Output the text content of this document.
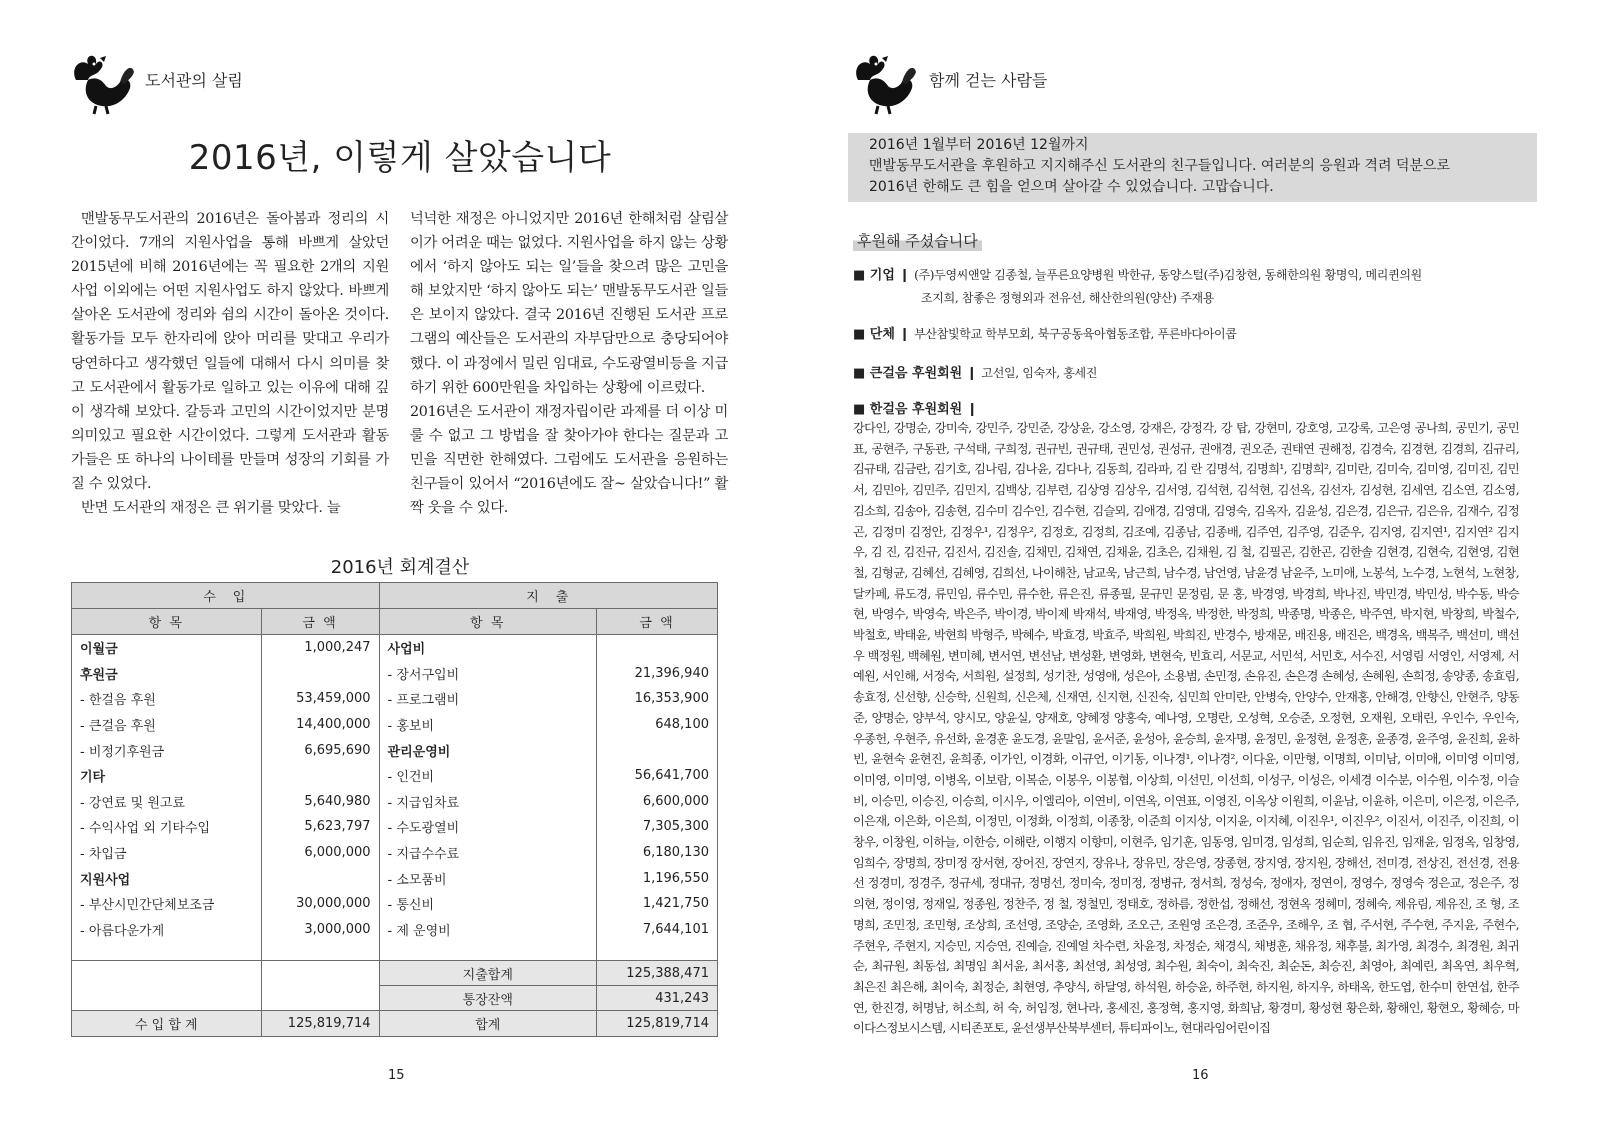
도서관의 살림
2016년, 이렇게 살았습니다

맨발동무도서관의 2016년은 돌아봄과 정리의 시간이었다. 7개의 지원사업을 통해 바쁘게 살았던 2015년에 비해 2016년에는 꼭 필요한 2개의 지원사업 이외에는 어떤 지원사업도 하지 않았다. 바쁘게 살아온 도서관에 정리와 쉼의 시간이 돌아온 것이다. 활동가들 모두 한자리에 앉아 머리를 맞대고 우리가 당연하다고 생각했던 일들에 대해서 다시 의미를 찾고 도서관에서 활동가로 일하고 있는 이유에 대해 깊이 생각해 보았다. 갈등과 고민의 시간이었지만 분명 의미있고 필요한 시간이었다. 그렇게 도서관과 활동가들은 또 하나의 나이테를 만들며 성장의 기회를 가질 수 있었다.

반면 도서관의 재정은 큰 위기를 맞았다. 늘

넉넉한 재정은 아니었지만 2016년 한해처럼 살림살이가 어려운 때는 없었다. 지원사업을 하지 않는 상황에서 ‘하지 않아도 되는 일’들을 찾으려 많은 고민을 해 보았지만 ‘하지 않아도 되는’ 맨발동무도서관 일들은 보이지 않았다. 결국 2016년 진행된 도서관 프로그램의 예산들은 도서관의 자부담만으로 충당되어야 했다. 이 과정에서 밀린 임대료, 수도광열비등을 지급하기 위한 600만원을 차입하는 상황에 이르렀다.

2016년은 도서관이 재정자립이란 과제를 더 이상 미룰 수 없고 그 방법을 잘 찾아가야 한다는 질문과 고민을 직면한 한해였다. 그럼에도 도서관을 응원하는 친구들이 있어서 “2016년에도 잘~ 살았습니다!” 활짝 웃을 수 있다.

2016년 회계결산
수　입		지　출	
항 목	금 액	항 목	금 액
이월금	1,000,247	사업비	
후원금		- 장서구입비	21,396,940
- 한걸음 후원	53,459,000	- 프로그램비	16,353,900
- 큰걸음 후원	14,400,000	- 홍보비	648,100
- 비정기후원금	6,695,690	관리운영비	
기타		- 인건비	56,641,700
- 강연료 및 원고료	5,640,980	- 지급임차료	6,600,000
- 수익사업 외 기타수입	5,623,797	- 수도광열비	7,305,300
- 차입금	6,000,000	- 지급수수료	6,180,130
지원사업		- 소모품비	1,196,550
- 부산시민간단체보조금	30,000,000	- 통신비	1,421,750
- 아름다운가게	3,000,000	- 제 운영비	7,644,101

		지출합계	125,388,471
		통장잔액	431,243
수 입 합 계	125,819,714	합계	125,819,714
15
함께 걷는 사람들
2016년 1월부터 2016년 12월까지
맨발동무도서관을 후원하고 지지해주신 도서관의 친구들입니다. 여러분의 응원과 격려 덕분으로
2016년 한해도 큰 힘을 얻으며 살아갈 수 있었습니다. 고맙습니다.
후원해 주셨습니다
■ 기업 ❙ (주)두영씨앤알 김종철, 늘푸른요양병원 박한규, 동양스털(주)김창현, 동해한의원 황명익, 메리퀸의원
조지희, 참좋은 정형외과 전유선, 해산한의원(양산) 주재용
■ 단체 ❙ 부산참빛학교 학부모회, 북구공동육아협동조합, 푸른바다아이콥
■ 큰걸음 후원회원 ❙ 고선일, 임숙자, 홍세진
■ 한걸음 후원회원 ❙
강다인, 강명순, 강미숙, 강민주, 강민준, 강상윤, 강소영, 강재은, 강정각, 강 탑, 강현미, 강호영, 고강록, 고은영 공나희, 공민기, 공민표, 공현주, 구동관, 구석태, 구희정, 권규빈, 권규태, 권민성, 권성규, 권애경, 권오준, 권태연 권해정, 김경숙, 김경현, 김경희, 김규리, 김규태, 김금란, 김기호, 김나림, 김나윤, 김다나, 김동희, 김라파, 김 란 김명석, 김명희¹, 김명희², 김미란, 김미숙, 김미영, 김미진, 김민서, 김민아, 김민주, 김민지, 김백상, 김부련, 김상영 김상우, 김서영, 김석현, 김석현, 김선옥, 김선자, 김성현, 김세연, 김소연, 김소영, 김소희, 김송아, 김송현, 김수미 김수인, 김수현, 김슬뫼, 김애경, 김영대, 김영숙, 김옥자, 김윤성, 김은경, 김은규, 김은유, 김재수, 김정곤, 김정미 김정안, 김정우¹, 김정우², 김정호, 김정희, 김조예, 김종남, 김종배, 김주연, 김주영, 김준우, 김지영, 김지연¹, 김지연² 김지우, 김 진, 김진규, 김진서, 김진솔, 김채민, 김채연, 김채윤, 김초은, 김채원, 김 철, 김필곤, 김한곤, 김한솔 김현경, 김현숙, 김현영, 김현철, 김형균, 김혜선, 김혜영, 김희선, 나이해찬, 남교욱, 남근희, 남수경, 남언영, 남윤경 남윤주, 노미애, 노봉석, 노수경, 노현석, 노현창, 달카페, 류도경, 류민임, 류수민, 류수한, 류은진, 류종필, 문규민 문정림, 문 홍, 박경영, 박경희, 박나진, 박민경, 박민성, 박수동, 박승현, 박영수, 박영숙, 박은주, 박이경, 박이제 박재석, 박재영, 박정옥, 박정한, 박정희, 박종명, 박종은, 박주연, 박지현, 박창희, 박철수, 박철호, 박태윤, 박현희 박형주, 박혜수, 박효경, 박효주, 박희원, 박희진, 반경수, 방재문, 배진용, 배진은, 백경옥, 백복주, 백선미, 백선우 백정원, 백혜원, 변미혜, 변서연, 변선남, 변성환, 변영화, 변현숙, 빈효리, 서문교, 서민석, 서민호, 서수진, 서영림 서영인, 서영제, 서예원, 서인해, 서정숙, 서희원, 설정희, 성기찬, 성영애, 성은아, 소용범, 손민정, 손유진, 손은경 손혜성, 손혜원, 손희정, 송양종, 송효림, 송효정, 신선향, 신승학, 신원희, 신은체, 신재연, 신지현, 신진숙, 심민희 안미란, 안병숙, 안양수, 안재홍, 안해경, 안향신, 안현주, 양동준, 양명순, 양부석, 양시모, 양윤실, 양재호, 양혜정 양홍숙, 예나영, 오명란, 오성혁, 오승준, 오정현, 오재원, 오태린, 우인수, 우인숙, 우종헌, 우현주, 유선화, 윤경훈 윤도경, 윤말임, 윤서준, 윤성아, 윤승희, 윤자명, 윤정민, 윤정현, 윤정훈, 윤종경, 윤주영, 윤진희, 윤하빈, 윤현숙 윤현진, 윤희종, 이가인, 이경화, 이규언, 이기동, 이나경¹, 이나경², 이다윤, 이만형, 이명희, 이미남, 이미애, 이미영 이미영, 이미영, 이미영, 이병옥, 이보람, 이복순, 이봉우, 이봉협, 이상희, 이선민, 이선희, 이성구, 이성은, 이세경 이수분, 이수원, 이수정, 이슬비, 이승민, 이승진, 이승희, 이시우, 이엘리아, 이연비, 이연옥, 이연표, 이영진, 이옥상 이원희, 이윤남, 이윤하, 이은미, 이은정, 이은주, 이은재, 이은화, 이은희, 이정민, 이정화, 이정희, 이종창, 이준희 이지상, 이지윤, 이지혜, 이진우¹, 이진우², 이진서, 이진주, 이진희, 이창우, 이창원, 이하늘, 이한승, 이해란, 이행지 이향미, 이현주, 임기훈, 임동영, 임미경, 임성희, 임순희, 임유진, 임재윤, 임정옥, 임창영, 임희수, 장명희, 장미정 장서현, 장어진, 장연지, 장유나, 장유민, 장은영, 장종현, 장지영, 장지원, 장해선, 전미경, 전상진, 전선경, 전용선 정경미, 정경주, 정규세, 정대규, 정명선, 정미숙, 정미정, 정병규, 정서희, 정성숙, 정애자, 정연이, 정영수, 정영숙 정은교, 정은주, 정의현, 정이영, 정재일, 정종원, 정찬주, 정 철, 정철민, 정태호, 정하름, 정한섭, 정해선, 정현옥 정혜미, 정혜숙, 제유림, 제유진, 조 형, 조명희, 조민정, 조민형, 조상희, 조선영, 조양순, 조영화, 조오근, 조원영 조은경, 조준우, 조해우, 조 협, 주서현, 주수현, 주지윤, 주현수, 주현우, 주현지, 지승민, 지승연, 진예슬, 진예얼 차수련, 차윤정, 차정순, 채경식, 채병훈, 채유정, 채후불, 최가영, 최경수, 최경원, 최귀순, 최규원, 최동섭, 최명임 최서윤, 최서홍, 최선영, 최성영, 최수원, 최숙이, 최숙진, 최순돈, 최승진, 최영아, 최예린, 최옥연, 최우혁, 최은진 최은해, 최이숙, 최정순, 최현영, 추양식, 하달영, 하석원, 하승윤, 하주현, 하지원, 하지우, 하태옥, 한도엽, 한수미 한연섭, 한주연, 한진경, 허명남, 허소희, 허 숙, 허임정, 현나라, 홍세진, 홍정혁, 홍지영, 화희남, 황경미, 황성현 황은화, 황해인, 황현오, 황혜승, 마이다스정보시스템, 시티존포토, 윤선생부산북부센터, 튜티파이노, 현대라임어린이집
16
